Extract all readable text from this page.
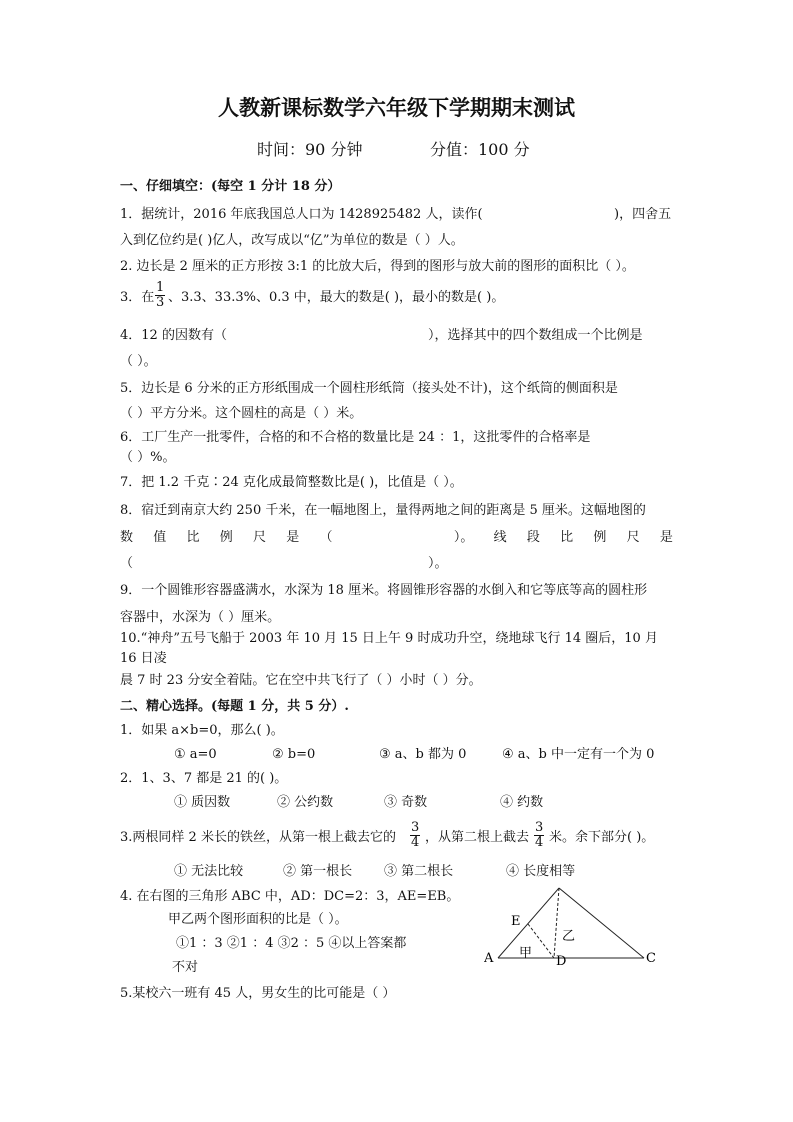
人教新课标数学六年级下学期期末测试
时间：90 分钟	分值：100 分
一、仔细填空：(每空 1 分计 18 分）
1．据统计，2016 年底我国总人口为 1428925482 人，读作(	)，四舍五
入到亿位约是( )亿人，改写成以“亿”为单位的数是（ ）人。
2. 边长是 2 厘米的正方形按 3:1 的比放大后，得到的图形与放大前的图形的面积比（ ）。
3．在 $\frac{1}{3}$ 、3.3、33.3%、0.3 中，最大的数是( )，最小的数是( )。
4．12 的因数有（	），选择其中的四个数组成一个比例是
（ ）。
5．边长是 6 分米的正方形纸围成一个圆柱形纸筒（接头处不计)，这个纸筒的侧面积是
（ ）平方分米。这个圆柱的高是（ ）米。
6．工厂生产一批零件，合格的和不合格的数量比是 24 ：1，这批零件的合格率是
（ ）%。
7．把 1.2 千克∶24 克化成最简整数比是( )，比值是（ ）。
8．宿迁到南京大约 250 千米，在一幅地图上，量得两地之间的距离是 5 厘米。这幅地图的
数 值 比 例 尺 是 （	）。 线 段 比 例 尺 是
（	）。
9．一个圆锥形容器盛满水，水深为 18 厘米。将圆锥形容器的水倒入和它等底等高的圆柱形
容器中，水深为（ ）厘米。
10.“神舟”五号飞船于 2003 年 10 月 15 日上午 9 时成功升空，绕地球飞行 14 圈后，10 月
16 日凌
晨 7 时 23 分安全着陆。它在空中共飞行了（ ）小时（ ）分。
二、精心选择。(每题 1 分，共 5 分）.
1．如果 a×b=0，那么( )。
① a=0	② b=0	③ a、b 都为 0	④ a、b 中一定有一个为 0
2．1、3、7 都是 21 的( )。
① 质因数	② 公约数	③ 奇数	④ 约数
3.两根同样 2 米长的铁丝，从第一根上截去它的 $\frac{3}{4}$ ，从第二根上截去 $\frac{3}{4}$ 米。余下部分( )。
① 无法比较	② 第一根长 ③ 第二根长	④ 长度相等
4. 在右图的三角形 ABC 中，AD：DC=2：3，AE=EB。
甲乙两个图形面积的比是（ ）。
①1 ：3 ②1 ：4 ③2 ：5 ④以上答案都
不对
A	C
D
E
甲
乙
5.某校六一班有 45 人，男女生的比可能是（ ）
